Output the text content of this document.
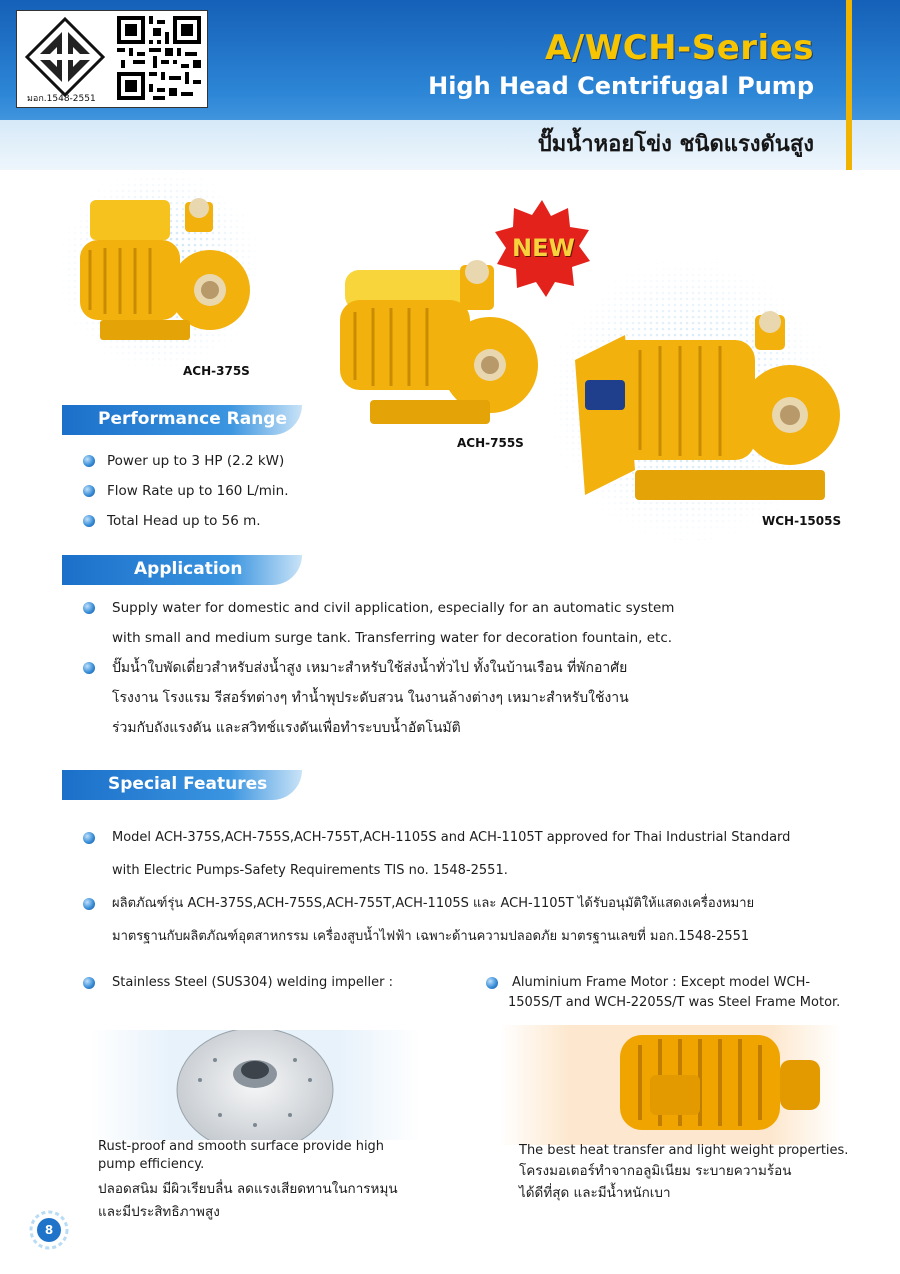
มอก.1548-2551
A/WCH-Series
High Head Centrifugal Pump
ปั๊มน้ำหอยโข่ง ชนิดแรงดันสูง
ACH-375S
ACH-755S
NEW
WCH-1505S
Performance Range
Power up to 3 HP (2.2 kW)
Flow Rate up to 160 L/min.
Total Head up to 56 m.
Application
Supply water for domestic and civil application, especially for an automatic system
with small and medium surge tank. Transferring water for decoration fountain, etc.
ปั๊มน้ำใบพัดเดี่ยวสำหรับส่งน้ำสูง เหมาะสำหรับใช้ส่งน้ำทั่วไป ทั้งในบ้านเรือน ที่พักอาศัย
โรงงาน โรงแรม รีสอร์ทต่างๆ ทำน้ำพุประดับสวน ในงานล้างต่างๆ เหมาะสำหรับใช้งาน
ร่วมกับถังแรงดัน และสวิทช์แรงดันเพื่อทำระบบน้ำอัตโนมัติ
Special Features
Model ACH-375S,ACH-755S,ACH-755T,ACH-1105S and ACH-1105T approved for Thai Industrial Standard
with Electric Pumps-Safety Requirements TIS no. 1548-2551.
ผลิตภัณฑ์รุ่น ACH-375S,ACH-755S,ACH-755T,ACH-1105S และ ACH-1105T ได้รับอนุมัติให้แสดงเครื่องหมาย
มาตรฐานกับผลิตภัณฑ์อุตสาหกรรม เครื่องสูบน้ำไฟฟ้า เฉพาะด้านความปลอดภัย มาตรฐานเลขที่ มอก.1548-2551
Stainless Steel (SUS304) welding impeller :
Rust-proof and smooth surface provide high
pump efficiency.
ปลอดสนิม มีผิวเรียบลื่น ลดแรงเสียดทานในการหมุน
และมีประสิทธิภาพสูง
Aluminium Frame Motor : Except model WCH-
1505S/T and WCH-2205S/T was Steel Frame Motor.
The best heat transfer and light weight properties.
โครงมอเตอร์ทำจากอลูมิเนียม ระบายความร้อน
ได้ดีที่สุด และมีน้ำหนักเบา
8
